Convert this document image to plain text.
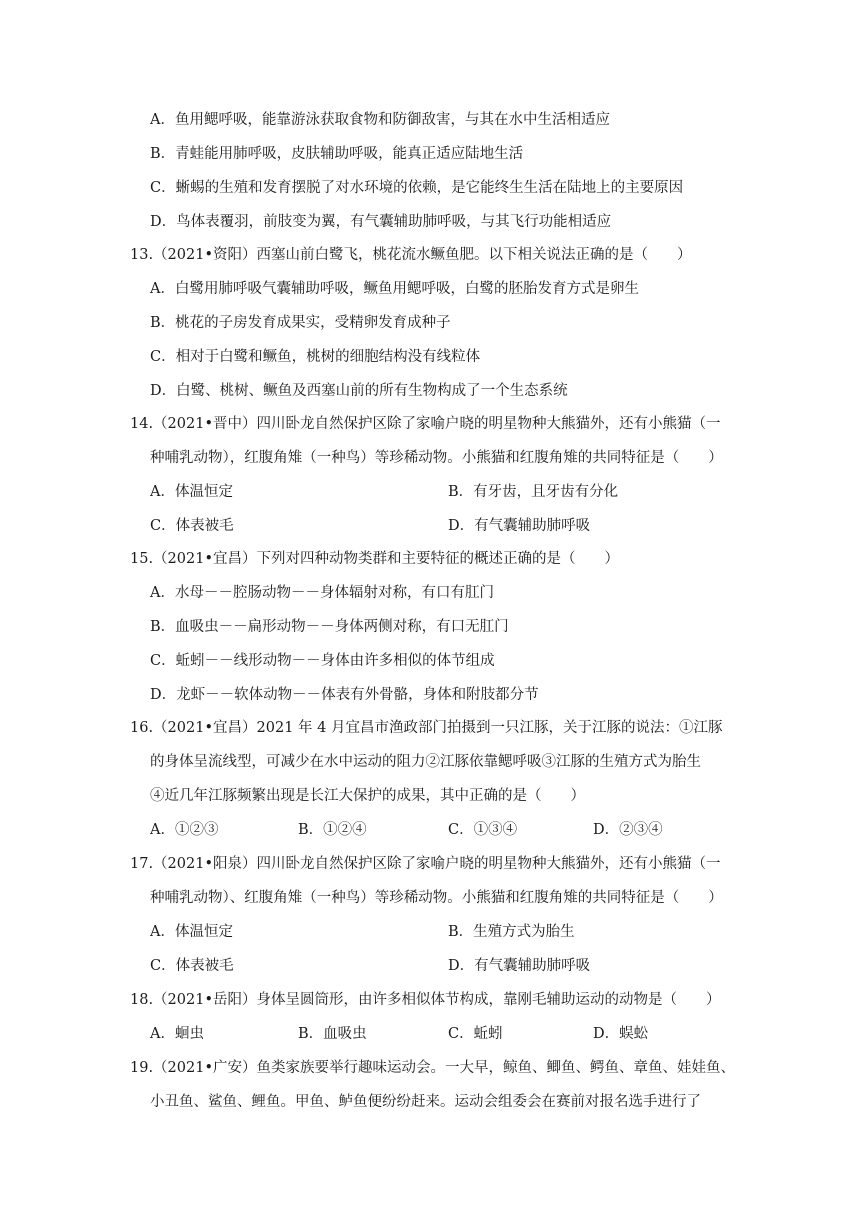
A．鱼用鳃呼吸，能靠游泳获取食物和防御敌害，与其在水中生活相适应
B．青蛙能用肺呼吸，皮肤辅助呼吸，能真正适应陆地生活
C．蜥蜴的生殖和发育摆脱了对水环境的依赖，是它能终生生活在陆地上的主要原因
D．鸟体表覆羽，前肢变为翼，有气囊辅助肺呼吸，与其飞行功能相适应
13.（2021•资阳）西塞山前白鹭飞，桃花流水鳜鱼肥。以下相关说法正确的是（　　）
A．白鹭用肺呼吸气囊辅助呼吸，鳜鱼用鳃呼吸，白鹭的胚胎发育方式是卵生
B．桃花的子房发育成果实，受精卵发育成种子
C．相对于白鹭和鳜鱼，桃树的细胞结构没有线粒体
D．白鹭、桃树、鳜鱼及西塞山前的所有生物构成了一个生态系统
14.（2021•晋中）四川卧龙自然保护区除了家喻户晓的明星物种大熊猫外，还有小熊猫（一
种哺乳动物），红腹角雉（一种鸟）等珍稀动物。小熊猫和红腹角雉的共同特征是（　　）
A．体温恒定	B．有牙齿，且牙齿有分化
C．体表被毛	D．有气囊辅助肺呼吸
15.（2021•宜昌）下列对四种动物类群和主要特征的概述正确的是（　　）
A．水母－－腔肠动物－－身体辐射对称，有口有肛门
B．血吸虫－－扁形动物－－身体两侧对称，有口无肛门
C．蚯蚓－－线形动物－－身体由许多相似的体节组成
D．龙虾－－软体动物－－体表有外骨骼，身体和附肢都分节
16.（2021•宜昌）2021 年 4 月宜昌市渔政部门拍摄到一只江豚，关于江豚的说法：①江豚
的身体呈流线型，可减少在水中运动的阻力②江豚依靠鳃呼吸③江豚的生殖方式为胎生
④近几年江豚频繁出现是长江大保护的成果，其中正确的是（　　）
A．①②③	B．①②④	C．①③④	D．②③④
17.（2021•阳泉）四川卧龙自然保护区除了家喻户晓的明星物种大熊猫外，还有小熊猫（一
种哺乳动物）、红腹角雉（一种鸟）等珍稀动物。小熊猫和红腹角雉的共同特征是（　　）
A．体温恒定	B．生殖方式为胎生
C．体表被毛	D．有气囊辅助肺呼吸
18.（2021•岳阳）身体呈圆筒形，由许多相似体节构成，靠刚毛辅助运动的动物是（　　）
A．蛔虫	B．血吸虫	C．蚯蚓	D．蜈蚣
19.（2021•广安）鱼类家族要举行趣味运动会。一大早，鲸鱼、鲫鱼、鳄鱼、章鱼、娃娃鱼、
小丑鱼、鲨鱼、鲤鱼。甲鱼、鲈鱼便纷纷赶来。运动会组委会在赛前对报名选手进行了
